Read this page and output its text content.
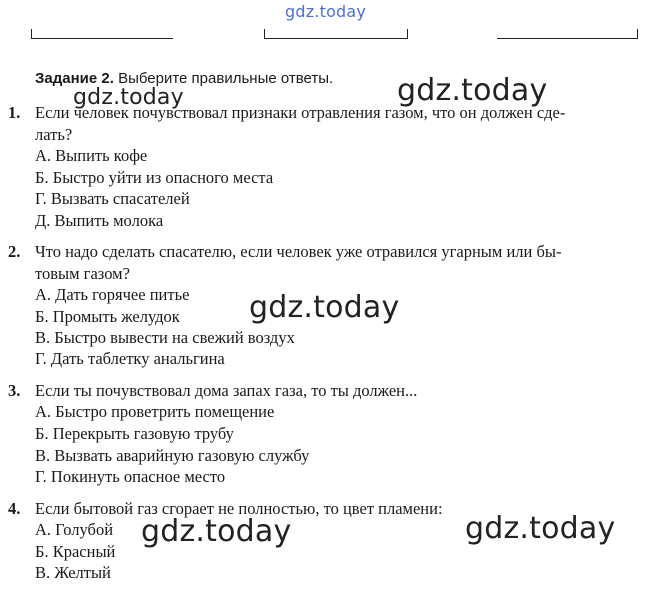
gdz.today
gdz.today	gdz.today
gdz.today
gdz.today	gdz.today
Задание 2. Выберите правильные ответы.
1. Если человек почувствовал признаки отравления газом, что он должен сде-
лать?
А. Выпить кофе
Б. Быстро уйти из опасного места
Г. Вызвать спасателей
Д. Выпить молока
2. Что надо сделать спасателю, если человек уже отравился угарным или бы-
товым газом?
А. Дать горячее питье
Б. Промыть желудок
В. Быстро вывести на свежий воздух
Г. Дать таблетку анальгина
3. Если ты почувствовал дома запах газа, то ты должен...
А. Быстро проветрить помещение
Б. Перекрыть газовую трубу
В. Вызвать аварийную газовую службу
Г. Покинуть опасное место
4. Если бытовой газ сгорает не полностью, то цвет пламени:
А. Голубой
Б. Красный
В. Желтый
